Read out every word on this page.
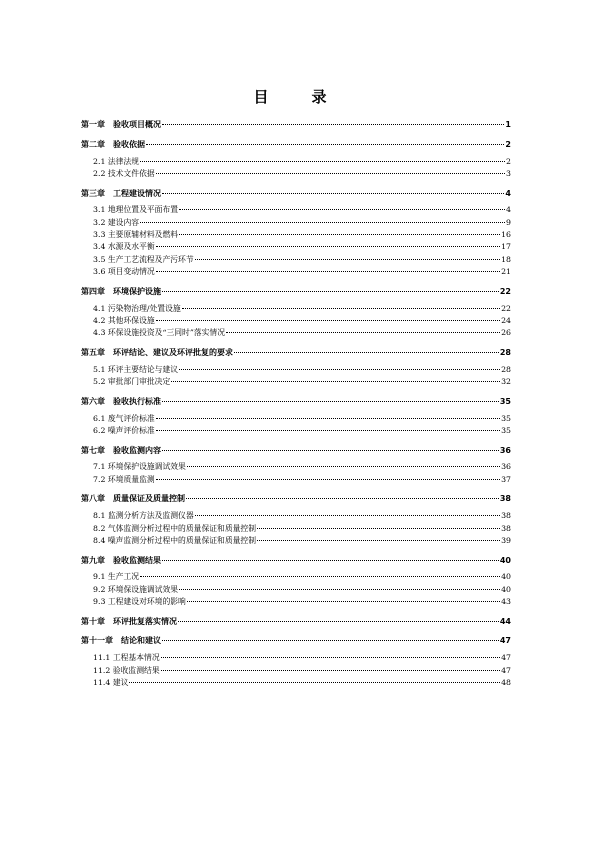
目　录
第一章　验收项目概况	1
第二章　验收依据	2
2.1 法律法规	2
2.2 技术文件依据	3
第三章　工程建设情况	4
3.1 地理位置及平面布置	4
3.2 建设内容	9
3.3 主要原辅材料及燃料	16
3.4 水源及水平衡	17
3.5 生产工艺流程及产污环节	18
3.6 项目变动情况	21
第四章　环境保护设施	22
4.1 污染物治理/处置设施	22
4.2 其他环保设施	24
4.3 环保设施投资及“三同时”落实情况	26
第五章　环评结论、建议及环评批复的要求	28
5.1 环评主要结论与建议	28
5.2 审批部门审批决定	32
第六章　验收执行标准	35
6.1 废气评价标准	35
6.2 噪声评价标准	35
第七章　验收监测内容	36
7.1 环境保护设施调试效果	36
7.2 环境质量监测	37
第八章　质量保证及质量控制	38
8.1 监测分析方法及监测仪器	38
8.2 气体监测分析过程中的质量保证和质量控制	38
8.4 噪声监测分析过程中的质量保证和质量控制	39
第九章　验收监测结果	40
9.1 生产工况	40
9.2 环境保设施调试效果	40
9.3 工程建设对环境的影响	43
第十章　环评批复落实情况	44
第十一章　结论和建议	47
11.1 工程基本情况	47
11.2 验收监测结果	47
11.4 建议	48
